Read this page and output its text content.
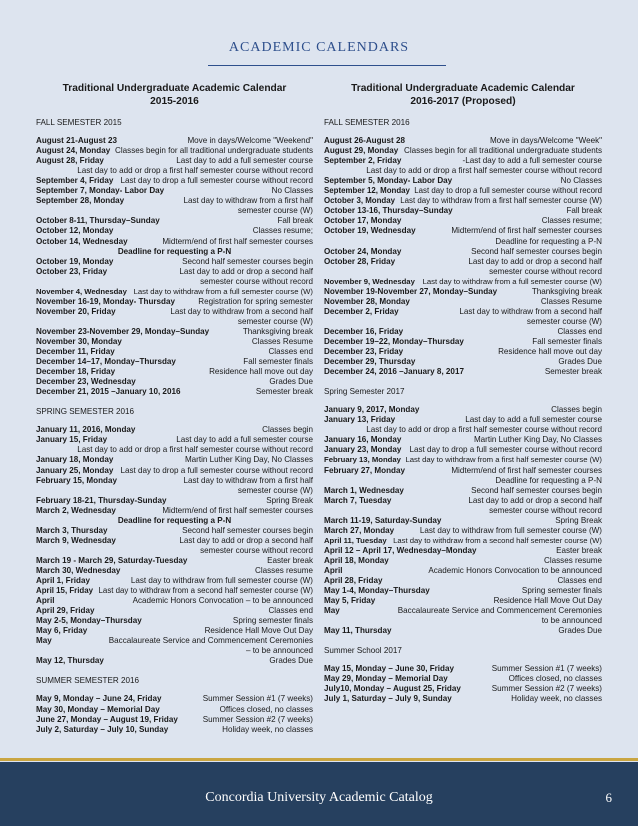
ACADEMIC CALENDARS
Traditional Undergraduate Academic Calendar
2015-2016
FALL SEMESTER 2015
August 21-August 23	Move in days/Welcome "Weekend"
August 24, Monday Classes begin for all traditional undergraduate students
August 28, Friday	Last day to add a full semester course
Last day to add or drop a first half semester course without record
September 4, Friday Last day to drop a full semester course without record
September 7, Monday- Labor Day	No Classes
September 28, Monday	Last day to withdraw from a first half
semester course (W)
October 8-11, Thursday–Sunday	Fall break
October 12, Monday	Classes resume;
October 14, Wednesday	Midterm/end of first half semester courses
Deadline for requesting a P-N
October 19, Monday	Second half semester courses begin
October 23, Friday	Last day to add or drop a second half
semester course without record
November 4, Wednesday Last day to withdraw from a full semester course (W)
November 16-19, Monday- Thursday	Registration for spring semester
November 20, Friday	Last day to withdraw from a second half
semester course (W)
November 23-November 29, Monday–Sunday	Thanksgiving break
November 30, Monday	Classes Resume
December 11, Friday	Classes end
December 14–17, Monday–Thursday	Fall semester finals
December 18, Friday	Residence hall move out day
December 23, Wednesday	Grades Due
December 21, 2015 –January 10, 2016	Semester break
SPRING SEMESTER 2016
January 11, 2016, Monday	Classes begin
January 15, Friday	Last day to add a full semester course
Last day to add or drop a first half semester course without record
January 18, Monday	Martin Luther King Day, No Classes
January 25, Monday Last day to drop a full semester course without record
February 15, Monday	Last day to withdraw from a first half
semester course (W)
February 18-21, Thursday-Sunday	Spring Break
March 2, Wednesday	Midterm/end of first half semester courses
Deadline for requesting a P-N
March 3, Thursday	Second half semester courses begin
March 9, Wednesday	Last day to add or drop a second half
semester course without record
March 19 - March 29, Saturday-Tuesday	Easter break
March 30, Wednesday	Classes resume
April 1, Friday	Last day to withdraw from full semester course (W)
April 15, Friday Last day to withdraw from a second half semester course (W)
April	Academic Honors Convocation – to be announced
April 29, Friday	Classes end
May 2-5, Monday–Thursday	Spring semester finals
May 6, Friday	Residence Hall Move Out Day
May	Baccalaureate Service and Commencement Ceremonies
– to be announced
May 12, Thursday	Grades Due
SUMMER SEMESTER 2016
May 9, Monday – June 24, Friday	Summer Session #1 (7 weeks)
May 30, Monday – Memorial Day	Offices closed, no classes
June 27, Monday – August 19, Friday	Summer Session #2 (7 weeks)
July 2, Saturday – July 10, Sunday	Holiday week, no classes
Traditional Undergraduate Academic Calendar
2016-2017 (Proposed)
FALL SEMESTER 2016
August 26-August 28	Move in days/Welcome "Week"
August 29, Monday Classes begin for all traditional undergraduate students
September 2, Friday	-Last day to add a full semester course
Last day to add or drop a first half semester course without record
September 5, Monday- Labor Day	No Classes
September 12, Monday Last day to drop a full semester course without record
October 3, Monday Last day to withdraw from a first half semester course (W)
October 13-16, Thursday–Sunday	Fall break
October 17, Monday	Classes resume;
October 19, Wednesday	Midterm/end of first half semester courses
Deadline for requesting a P-N
October 24, Monday	Second half semester courses begin
October 28, Friday	Last day to add or drop a second half
semester course without record
November 9, Wednesday Last day to withdraw from a full semester course (W)
November 19-November 27, Monday–Sunday	Thanksgiving break
November 28, Monday	Classes Resume
December 2, Friday	Last day to withdraw from a second half
semester course (W)
December 16, Friday	Classes end
December 19–22, Monday–Thursday	Fall semester finals
December 23, Friday	Residence hall move out day
December 29, Thursday	Grades Due
December 24, 2016 –January 8, 2017	Semester break
Spring Semester 2017
January 9, 2017, Monday	Classes begin
January 13, Friday	Last day to add a full semester course
Last day to add or drop a first half semester course without record
January 16, Monday	Martin Luther King Day, No Classes
January 23, Monday Last day to drop a full semester course without record
February 13, Monday Last day to withdraw from a first half semester course (W)
February 27, Monday	Midterm/end of first half semester courses
Deadline for requesting a P-N
March 1, Wednesday	Second half semester courses begin
March 7, Tuesday	Last day to add or drop a second half
semester course without record
March 11-19, Saturday-Sunday	Spring Break
March 27, Monday	Last day to withdraw from full semester course (W)
April 11, Tuesday Last day to withdraw from a second half semester course (W)
April 12 – April 17, Wednesday–Monday	Easter break
April 18, Monday	Classes resume
April	Academic Honors Convocation to be announced
April 28, Friday	Classes end
May 1-4, Monday–Thursday	Spring semester finals
May 5, Friday	Residence Hall Move Out Day
May	Baccalaureate Service and Commencement Ceremonies
to be announced
May 11, Thursday	Grades Due
Summer School 2017
May 15, Monday – June 30, Friday	Summer Session #1 (7 weeks)
May 29, Monday – Memorial Day	Offices closed, no classes
July10, Monday – August 25, Friday	Summer Session #2 (7 weeks)
July 1, Saturday – July 9, Sunday	Holiday week, no classes
Concordia University Academic Catalog	6
